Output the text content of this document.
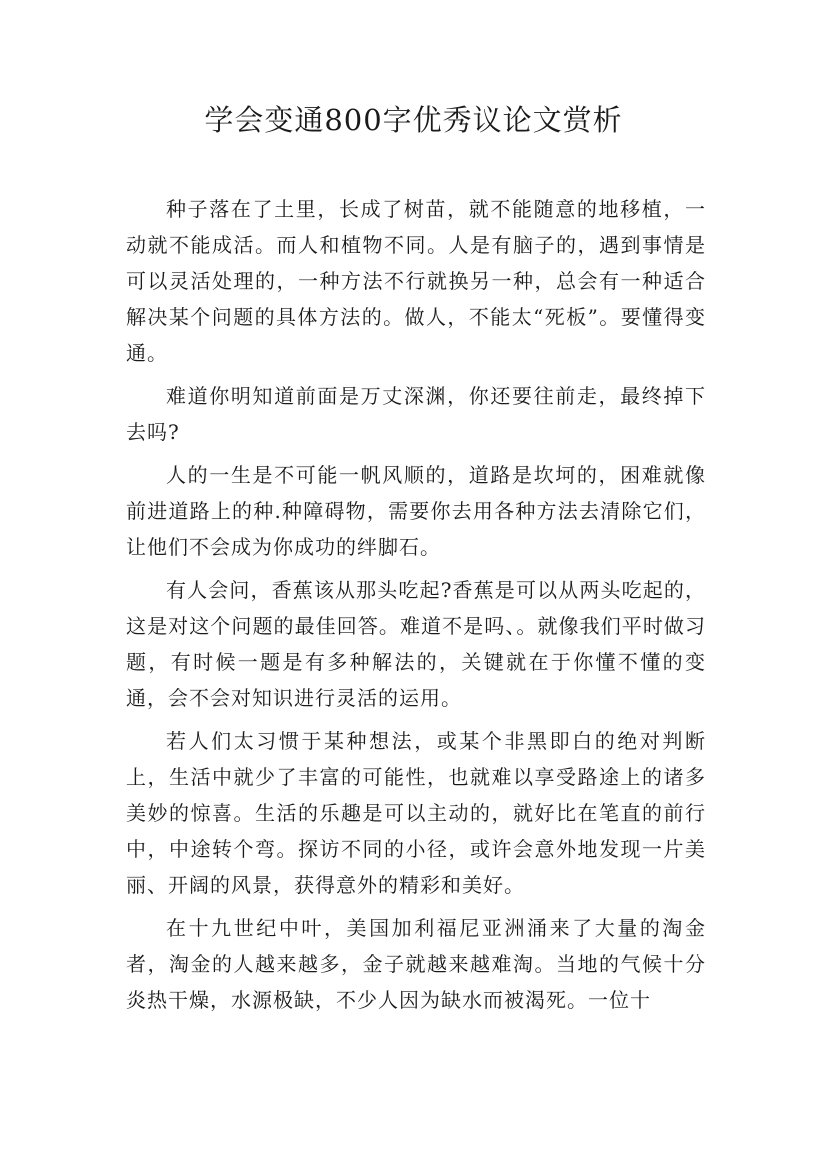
学会变通800字优秀议论文赏析

种子落在了土里，长成了树苗，就不能随意的地移植，一动就不能成活。而人和植物不同。人是有脑子的，遇到事情是可以灵活处理的，一种方法不行就换另一种，总会有一种适合解决某个问题的具体方法的。做人，不能太“死板”。要懂得变通。

难道你明知道前面是万丈深渊，你还要往前走，最终掉下去吗?

人的一生是不可能一帆风顺的，道路是坎坷的，困难就像前进道路上的种.种障碍物，需要你去用各种方法去清除它们，让他们不会成为你成功的绊脚石。

有人会问，香蕉该从那头吃起?香蕉是可以从两头吃起的，这是对这个问题的最佳回答。难道不是吗、。就像我们平时做习题，有时候一题是有多种解法的，关键就在于你懂不懂的变通，会不会对知识进行灵活的运用。

若人们太习惯于某种想法，或某个非黑即白的绝对判断上，生活中就少了丰富的可能性，也就难以享受路途上的诸多美妙的惊喜。生活的乐趣是可以主动的，就好比在笔直的前行中，中途转个弯。探访不同的小径，或许会意外地发现一片美丽、开阔的风景，获得意外的精彩和美好。

在十九世纪中叶，美国加利福尼亚洲涌来了大量的淘金者，淘金的人越来越多，金子就越来越难淘。当地的气候十分炎热干燥，水源极缺，不少人因为缺水而被渴死。一位十
